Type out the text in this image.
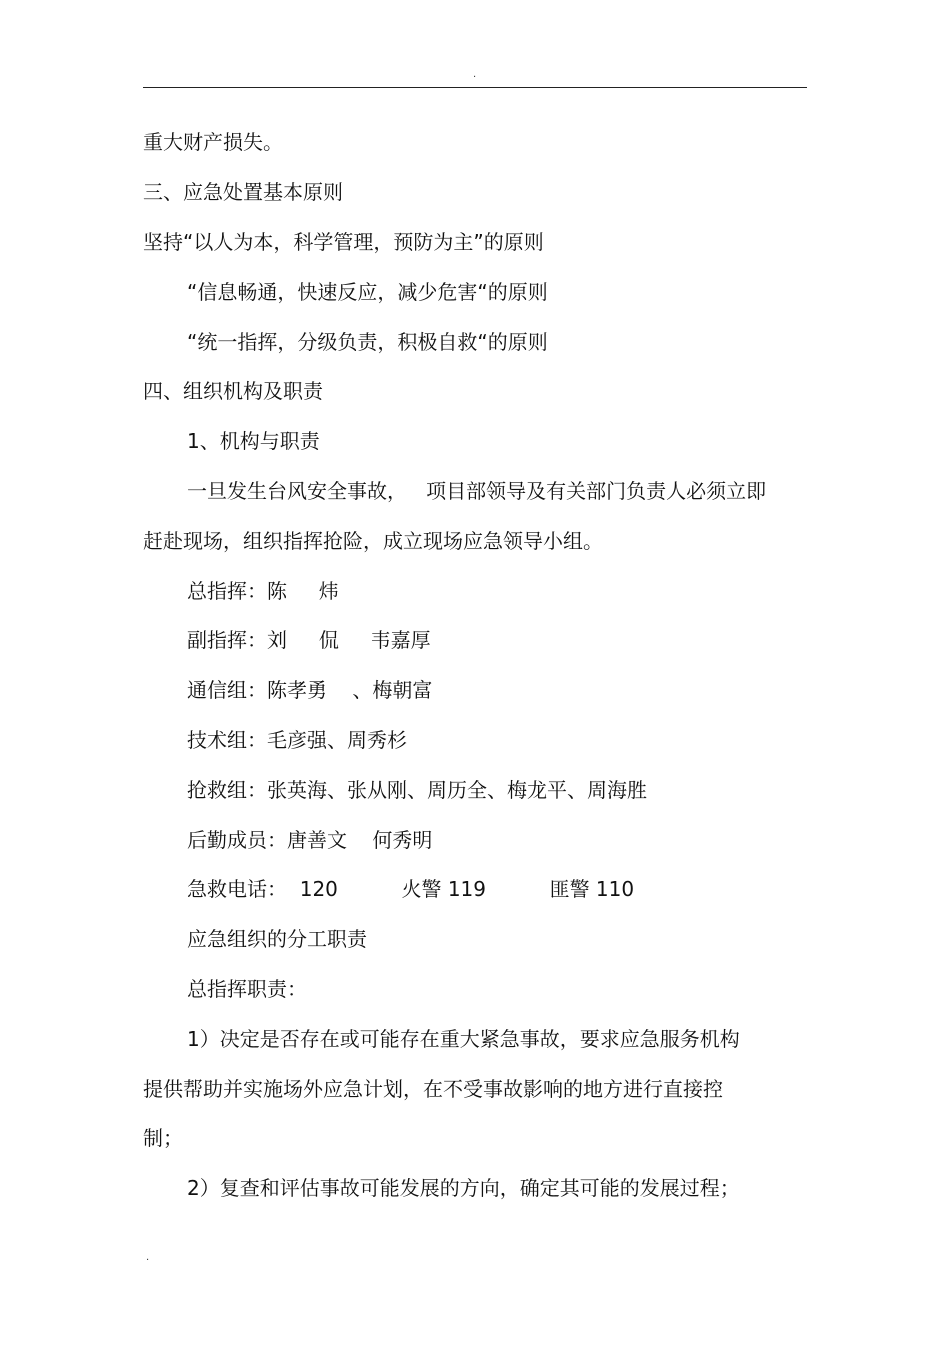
.
重大财产损失。
三、应急处置基本原则
坚持“以人为本，科学管理，预防为主”的原则
“信息畅通，快速反应，减少危害“的原则
“统一指挥，分级负责，积极自救“的原则
四、组织机构及职责
1、机构与职责
一旦发生台风安全事故，   项目部领导及有关部门负责人必须立即
赶赴现场，组织指挥抢险，成立现场应急领导小组。
总指挥：陈     炜
副指挥：刘     侃     韦嘉厚
通信组：陈孝勇    、梅朝富
技术组：毛彦强、周秀杉
抢救组：张英海、张从刚、周历全、梅龙平、周海胜
后勤成员：唐善文    何秀明
急救电话：  120          火警 119          匪警 110
应急组织的分工职责
总指挥职责：
1）决定是否存在或可能存在重大紧急事故，要求应急服务机构
提供帮助并实施场外应急计划，在不受事故影响的地方进行直接控
制；
2）复查和评估事故可能发展的方向，确定其可能的发展过程；
.
